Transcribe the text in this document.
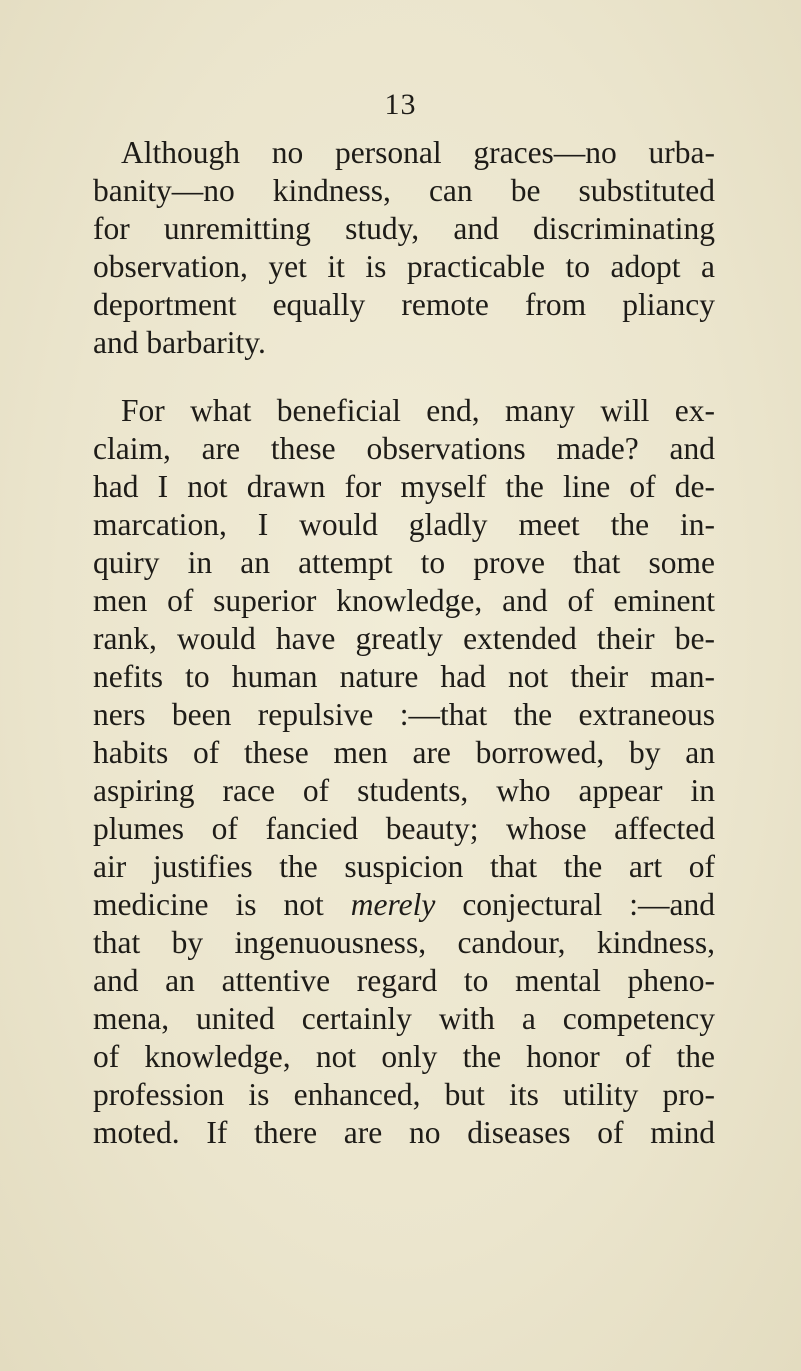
13
Although no personal graces—no urba-
banity—no kindness, can be substituted
for unremitting study, and discriminating
observation, yet it is practicable to adopt a
deportment equally remote from pliancy
and barbarity.
For what beneficial end, many will ex-
claim, are these observations made? and
had I not drawn for myself the line of de-
marcation, I would gladly meet the in-
quiry in an attempt to prove that some
men of superior knowledge, and of eminent
rank, would have greatly extended their be-
nefits to human nature had not their man-
ners been repulsive :—that the extraneous
habits of these men are borrowed, by an
aspiring race of students, who appear in
plumes of fancied beauty; whose affected
air justifies the suspicion that the art of
medicine is not merely conjectural :—and
that by ingenuousness, candour, kindness,
and an attentive regard to mental pheno-
mena, united certainly with a competency
of knowledge, not only the honor of the
profession is enhanced, but its utility pro-
moted. If there are no diseases of mind
